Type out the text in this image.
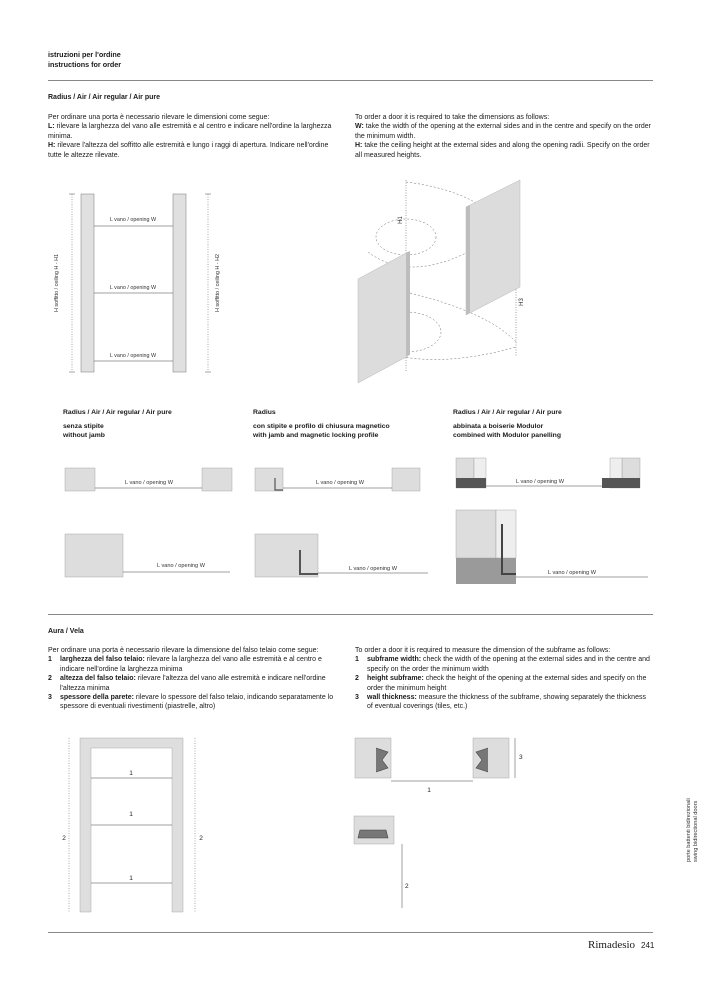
istruzioni per l'ordine
instructions for order
Radius / Air / Air regular / Air pure

Per ordinare una porta è necessario rilevare le dimensioni come segue:

L: rilevare la larghezza del vano alle estremità e al centro e indicare nell'ordine la larghezza minima.

H: rilevare l'altezza del soffitto alle estremità e lungo i raggi di apertura. Indicare nell'ordine tutte le altezze rilevate.

To order a door it is required to take the dimensions as follows:

W: take the width of the opening at the external sides and in the centre and specify on the order the minimum width.

H: take the ceiling height at the external sides and along the opening radii. Specify on the order all measured heights.

L vano / opening W
L vano / opening W
L vano / opening W
H soffitto / ceiling H - H1	H soffitto / ceiling H - H2
H1
H3
Radius / Air / Air regular / Air pure
senza stipite
without jamb
Radius
con stipite e profilo di chiusura magnetico
with jamb and magnetic locking profile
Radius / Air / Air regular / Air pure
abbinata a boiserie Modulor
combined with Modulor panelling
L vano / opening W
L vano / opening W
L vano / opening W
L vano / opening W
L vano / opening W
L vano / opening W
Aura / Vela

Per ordinare una porta è necessario rilevare la dimensione del falso telaio come segue:

1 larghezza del falso telaio: rilevare la larghezza del vano alle estremità e al centro e indicare nell'ordine la larghezza minima
2 altezza del falso telaio: rilevare l'altezza del vano alle estremità e indicare nell'ordine l'altezza minima
3 spessore della parete: rilevare lo spessore del falso telaio, indicando separatamente lo spessore di eventuali rivestimenti (piastrelle, altro)

To order a door it is required to measure the dimension of the subframe as follows:

1 subframe width: check the width of the opening at the external sides and in the centre and specify on the order the minimum width
2 height subframe: check the height of the opening at the external sides and specify on the order the minimum height
3 wall thickness: measure the thickness of the subframe, showing separately the thickness of eventual coverings (tiles, etc.)
1
1
1
2	2
1
3
2
porte battenti bidirezionali swing bidirectional doors
Rimadesio 241
